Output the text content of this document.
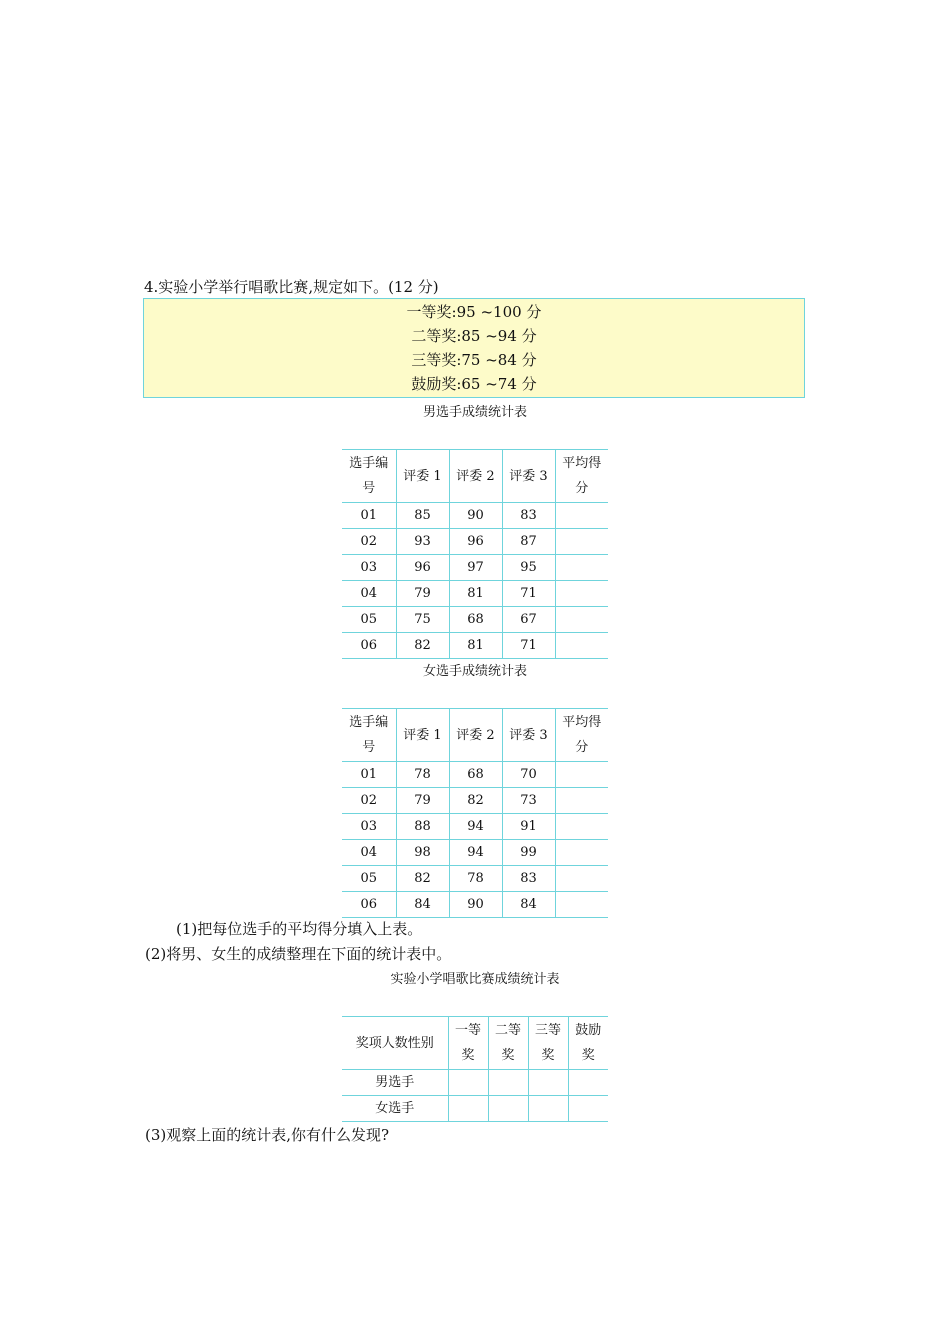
4.实验小学举行唱歌比赛,规定如下。(12 分)
一等奖:95 ~100 分
二等奖:85 ~94 分
三等奖:75 ~84 分
鼓励奖:65 ~74 分
男选手成绩统计表
选手编号	评委 1	评委 2	评委 3	平均得分
01	85	90	83	
02	93	96	87	
03	96	97	95	
04	79	81	71	
05	75	68	67	
06	82	81	71	
女选手成绩统计表
选手编号	评委 1	评委 2	评委 3	平均得分
01	78	68	70	
02	79	82	73	
03	88	94	91	
04	98	94	99	
05	82	78	83	
06	84	90	84	
(1)把每位选手的平均得分填入上表。
(2)将男、女生的成绩整理在下面的统计表中。
实验小学唱歌比赛成绩统计表
奖项人数性别	一等奖	二等奖	三等奖	鼓励奖
男选手				
女选手				
(3)观察上面的统计表,你有什么发现?
